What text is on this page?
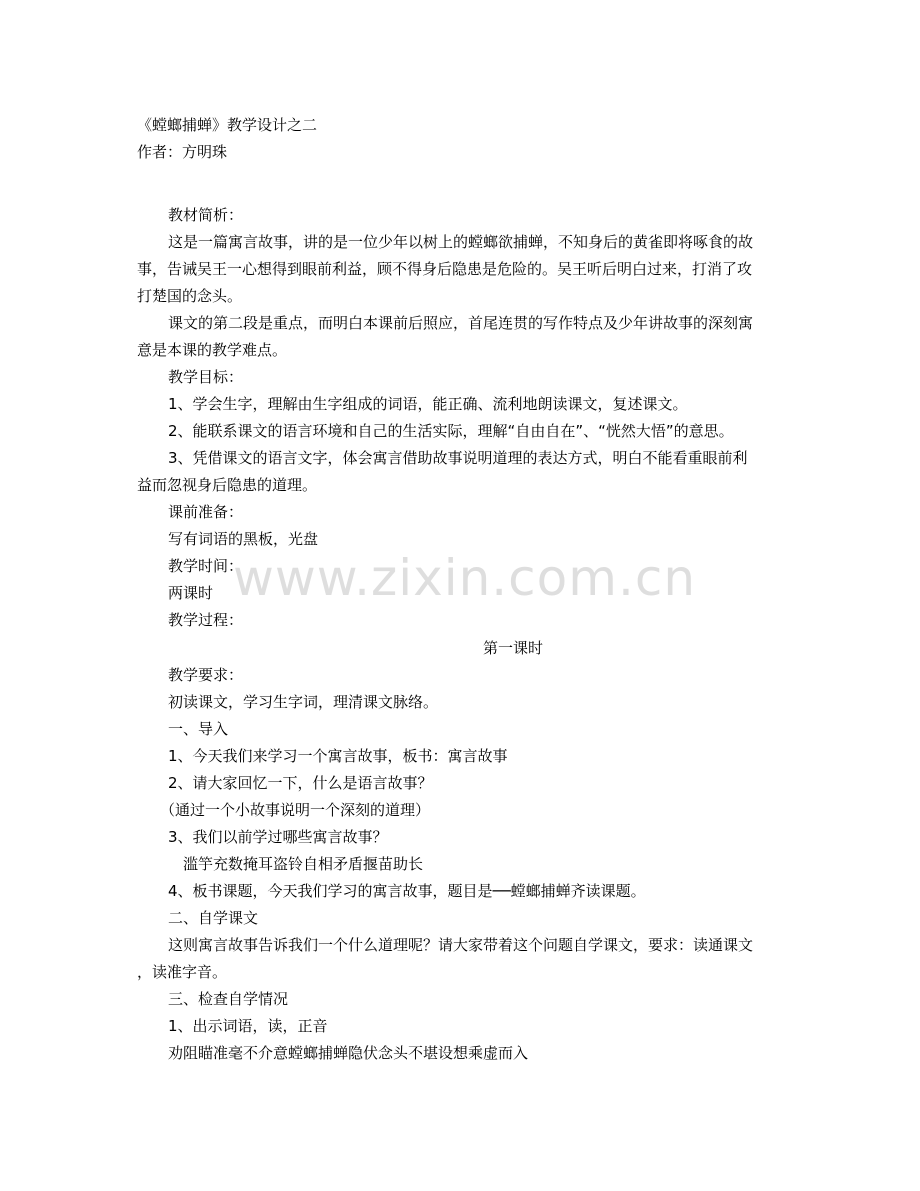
www.zixin.com.cn
《螳螂捕蝉》教学设计之二
作者：方明珠
教材简析：
这是一篇寓言故事，讲的是一位少年以树上的螳螂欲捕蝉，不知身后的黄雀即将啄食的故
事，告诫吴王一心想得到眼前利益，顾不得身后隐患是危险的。吴王听后明白过来，打消了攻
打楚国的念头。
课文的第二段是重点，而明白本课前后照应，首尾连贯的写作特点及少年讲故事的深刻寓
意是本课的教学难点。
教学目标：
1、学会生字，理解由生字组成的词语，能正确、流利地朗读课文，复述课文。
2、能联系课文的语言环境和自己的生活实际，理解“自由自在”、“恍然大悟”的意思。
3、凭借课文的语言文字，体会寓言借助故事说明道理的表达方式，明白不能看重眼前利
益而忽视身后隐患的道理。
课前准备：
写有词语的黑板，光盘
教学时间：
两课时
教学过程：
第一课时
教学要求：
初读课文，学习生字词，理清课文脉络。
一、导入
1、今天我们来学习一个寓言故事，板书：寓言故事
2、请大家回忆一下，什么是语言故事？
（通过一个小故事说明一个深刻的道理）
3、我们以前学过哪些寓言故事？
滥竽充数掩耳盗铃自相矛盾揠苗助长
4、板书课题，今天我们学习的寓言故事，题目是──螳螂捕蝉齐读课题。
二、自学课文
这则寓言故事告诉我们一个什么道理呢？请大家带着这个问题自学课文，要求：读通课文
，读准字音。
三、检查自学情况
1、出示词语，读，正音
劝阻瞄准毫不介意螳螂捕蝉隐伏念头不堪设想乘虚而入
